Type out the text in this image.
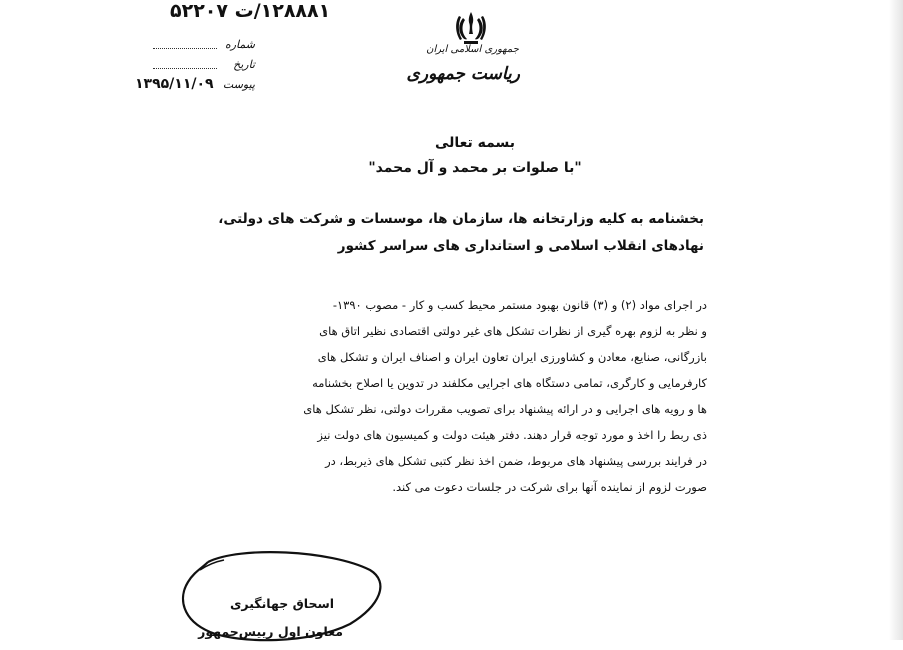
۱۲۸۸۸۱/ت ۵۲۲۰۷
شماره
تاریخ
پیوست
۱۳۹۵/۱۱/۰۹
جمهوری اسلامی ایران
ریاست جمهوری
بسمه تعالی
"با صلوات بر محمد و آل محمد"
بخشنامه به کلیه وزارتخانه ها، سازمان ها، موسسات و شرکت های دولتی،
نهادهای انقلاب اسلامی و استانداری های سراسر کشور
در اجرای مواد (۲) و (۳) قانون بهبود مستمر محیط کسب و کار - مصوب ۱۳۹۰-
و نظر به لزوم بهره گیری از نظرات تشکل های غیر دولتی اقتصادی نظیر اتاق های
بازرگانی، صنایع، معادن و کشاورزی ایران تعاون ایران و اصناف ایران و تشکل های
کارفرمایی و کارگری، تمامی دستگاه های اجرایی مکلفند در تدوین یا اصلاح بخشنامه
ها و رویه های اجرایی و در ارائه پیشنهاد برای تصویب مقررات دولتی، نظر تشکل های
ذی ربط را اخذ و مورد توجه قرار دهند. دفتر هیئت دولت و کمیسیون های دولت نیز
در فرایند بررسی پیشنهاد های مربوط، ضمن اخذ نظر کتبی تشکل های ذیربط، در
صورت لزوم از نماینده آنها برای شرکت در جلسات دعوت می کند.
اسحاق جهانگیری
معاون اول رییس‌جمهور
